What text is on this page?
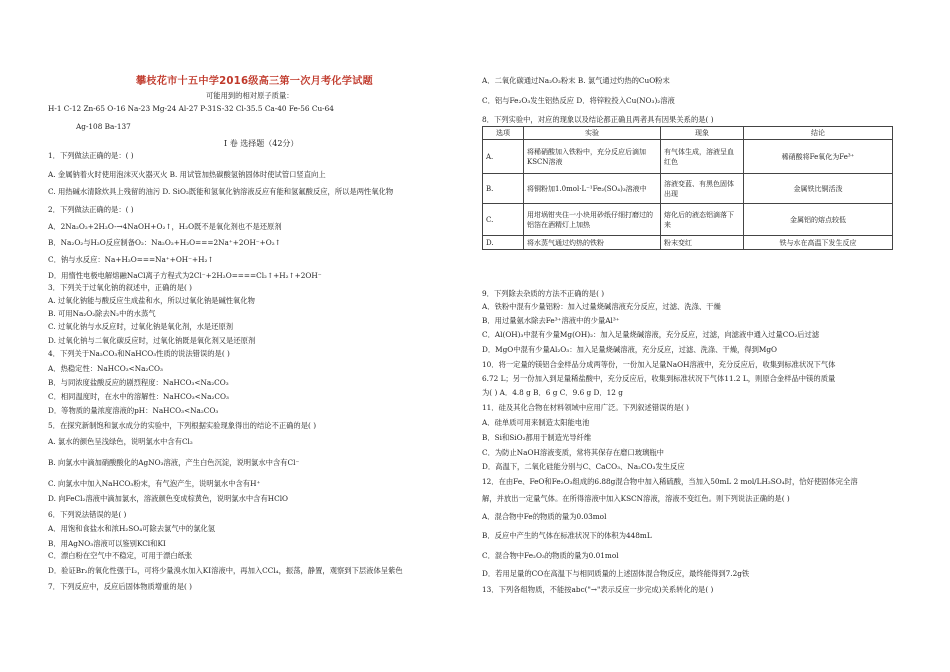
攀枝花市十五中学2016级高三第一次月考化学试题
可能用到的相对原子质量：
H-1 C-12 Zn-65 O-16 Na-23 Mg-24 Al-27 P-31S-32 Cl-35.5 Ca-40 Fe-56 Cu-64
Ag-108 Ba-137
Ⅰ 卷 选择题（42分）
1．下列做法正确的是：( )
A. 金属钠着火时使用泡沫灭火器灭火 B. 用试管加热碳酸氢钠固体时使试管口竖直向上
C. 用热碱水清除炊具上残留的油污 D. SiO₂既能和氢氧化钠溶液反应有能和氢氟酸反应，所以是两性氧化物
2．下列做法正确的是：( )
A．2Na₂O₂+2H₂O-→4NaOH+O₂↑，H₂O既不是氧化剂也不是还原剂
B．Na₂O₂与H₂O反应制备O₂：Na₂O₂+H₂O===2Na⁺+2OH⁻+O₂↑
C．钠与水反应：Na+H₂O===Na⁺+OH⁻+H₂↑
D．用惰性电极电解熔融NaCl离子方程式为2Cl⁻+2H₂O====Cl₂↑+H₂↑+2OH⁻
3．下列关于过氧化钠的叙述中，正确的是( )
A. 过氧化钠能与酸反应生成盐和水，所以过氧化钠是碱性氧化物
B. 可用Na₂O₂除去N₂中的水蒸气
C. 过氧化钠与水反应时，过氧化钠是氧化剂，水是还原剂
D. 过氧化钠与二氧化碳反应时，过氧化钠既是氧化剂又是还原剂
4．下列关于Na₂CO₃和NaHCO₃性质的说法错误的是( )
A．热稳定性：NaHCO₃<Na₂CO₃
B．与同浓度盐酸反应的剧烈程度：NaHCO₃<Na₂CO₃
C．相同温度时，在水中的溶解性：NaHCO₃<Na₂CO₃
D．等物质的量浓度溶液的pH：NaHCO₃<Na₂CO₃
5．在探究新制饱和氯水成分的实验中，下列根据实验现象得出的结论不正确的是( )
A. 氯水的颜色呈浅绿色，说明氯水中含有Cl₂
B. 向氯水中滴加硝酸酸化的AgNO₃溶液，产生白色沉淀，说明氯水中含有Cl⁻
C. 向氯水中加入NaHCO₃粉末，有气泡产生，说明氯水中含有H⁺
D. 向FeCl₂溶液中滴加氯水，溶液颜色变成棕黄色，说明氯水中含有HClO
6．下列说法错误的是( )
A．用饱和食盐水和浓H₂SO₄可除去氯气中的氯化氢
B．用AgNO₃溶液可以鉴别KCl和KI
C．漂白粉在空气中不稳定，可用于漂白纸张
D．验证Br₂的氧化性强于I₂，可将少量溴水加入KI溶液中，再加入CCl₄，振荡，静置，观察到下层液体呈紫色
7．下列反应中，反应后固体物质增重的是( )
A．二氧化碳通过Na₂O₂粉末 B. 氯气通过灼热的CuO粉末
C．铝与Fe₂O₃发生铝热反应 D．将锌粒投入Cu(NO₃)₂溶液
8．下列实验中，对应的现象以及结论都正确且两者具有因果关系的是( )
选项	实验	现象	结论
A.	将稀硝酸加入铁粉中，充分反应后滴加KSCN溶液	有气体生成，溶液呈血红色	稀硝酸将Fe氧化为Fe³⁺
B.	将铜粉加1.0mol·L⁻¹Fe₂(SO₄)₃溶液中	溶液变蓝、有黑色固体出现	金属铁比铜活泼
C.	用坩埚钳夹住一小块用砂纸仔细打磨过的铝箔在酒精灯上加热	熔化后的液态铝滴落下来	金属铝的熔点较低
D.	将水蒸气通过灼热的铁粉	粉末变红	铁与水在高温下发生反应
9．下列除去杂质的方法不正确的是( )
A．铁粉中混有少量铝粉：加入过量烧碱溶液充分反应，过滤、洗涤、干燥
B．用过量氨水除去Fe³⁺溶液中的少量Al³⁺
C．Al(OH)₃中混有少量Mg(OH)₂：加入足量烧碱溶液，充分反应，过滤，向滤液中通入过量CO₂后过滤
D．MgO中混有少量Al₂O₃：加入足量烧碱溶液，充分反应，过滤、洗涤、干燥，得到MgO
10．将一定量的镁铝合金样品分成两等份，一份加入足量NaOH溶液中，充分反应后，收集到标准状况下气体
6.72 L；另一份加入到足量稀盐酸中，充分反应后，收集到标准状况下气体11.2 L，则原合金样品中镁的质量
为( ) A．4.8 g B．6 g C．9.6 g D．12 g
11．硅及其化合物在材料领域中应用广泛。下列叙述错误的是( )
A．硅单质可用来制造太阳能电池
B．Si和SiO₂都用于制造光导纤维
C．为防止NaOH溶液变质，常将其保存在磨口玻璃瓶中
D．高温下，二氧化硅能分别与C、CaCO₃、Na₂CO₃发生反应
12．在由Fe、FeO和Fe₂O₃组成的6.88g混合物中加入稀硫酸，当加入50mL 2 mol/LH₂SO₄时，恰好使固体完全溶
解，并放出一定量气体。在所得溶液中加入KSCN溶液，溶液不变红色。则下列说法正确的是( )
A．混合物中Fe的物质的量为0.03mol
B．反应中产生的气体在标准状况下的体积为448mL
C．混合物中Fe₂O₃的物质的量为0.01mol
D．若用足量的CO在高温下与相同质量的上述固体混合物反应，最终能得到7.2g铁
13．下列各组物质，不能按abc("→"表示反应一步完成)关系转化的是( )
